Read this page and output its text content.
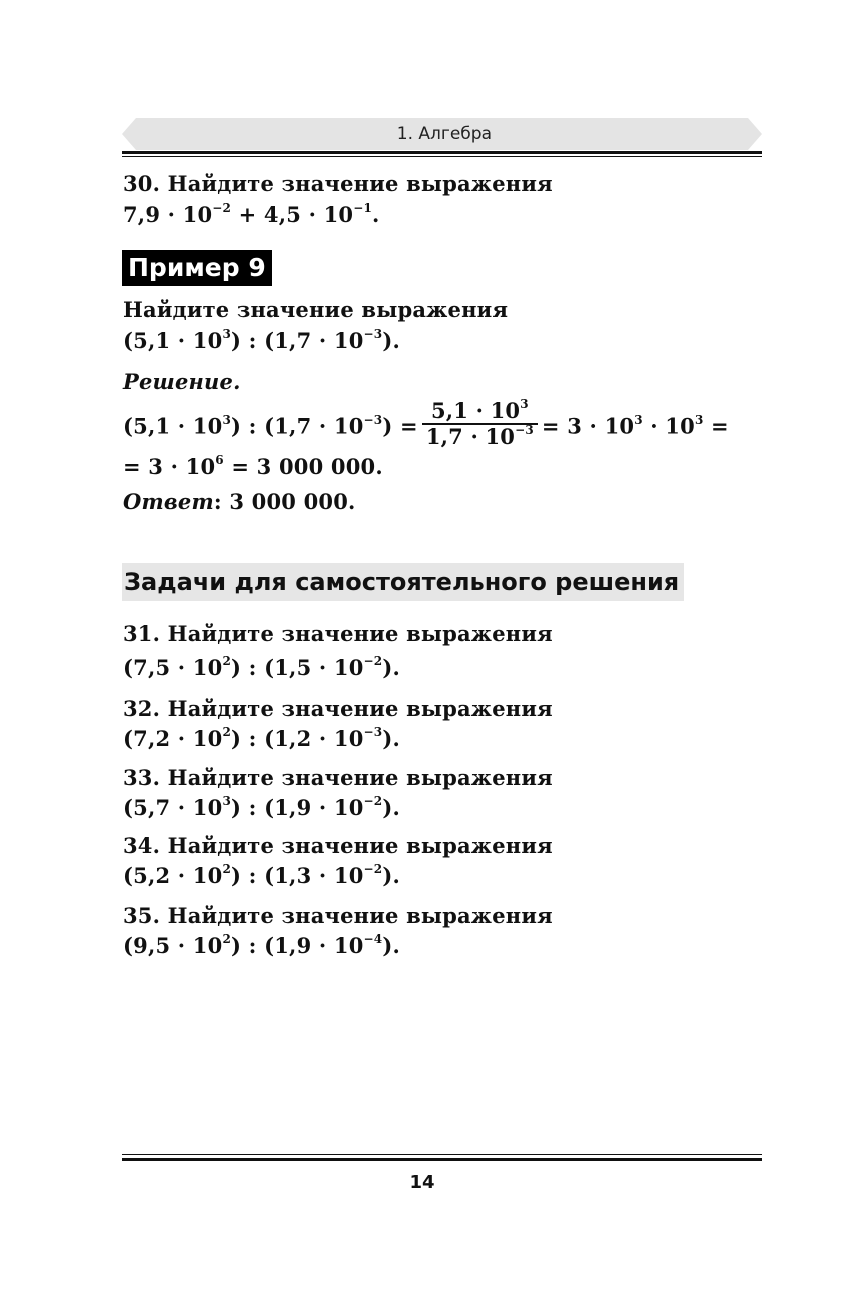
1. Алгебра
30. Найдите значение выражения
$7,9 \cdot 10^{-2} + 4,5 \cdot 10^{-1}$.
Пример 9
Найдите значение выражения
$(5,1 \cdot 10^3)$ : $(1,7 \cdot 10^{-3})$.
Решение.
$(5,1 \cdot 10^3)$ : $(1,7 \cdot 10^{-3}) = \frac{5,1 \cdot 10^3}{1,7 \cdot 10^{-3}} = 3 \cdot 10^3 \cdot 10^3$ =
= $3 \cdot 10^6 = 3$ 000 000.
Ответ: 3 000 000.
Задачи для самостоятельного решения
31. Найдите значение выражения
$(7,5 \cdot 10^2)$ : $(1,5 \cdot 10^{-2})$.
32. Найдите значение выражения
$(7,2 \cdot 10^2)$ : $(1,2 \cdot 10^{-3})$.
33. Найдите значение выражения
$(5,7 \cdot 10^3)$ : $(1,9 \cdot 10^{-2})$.
34. Найдите значение выражения
$(5,2 \cdot 10^2)$ : $(1,3 \cdot 10^{-2})$.
35. Найдите значение выражения
$(9,5 \cdot 10^2)$ : $(1,9 \cdot 10^{-4})$.
14
